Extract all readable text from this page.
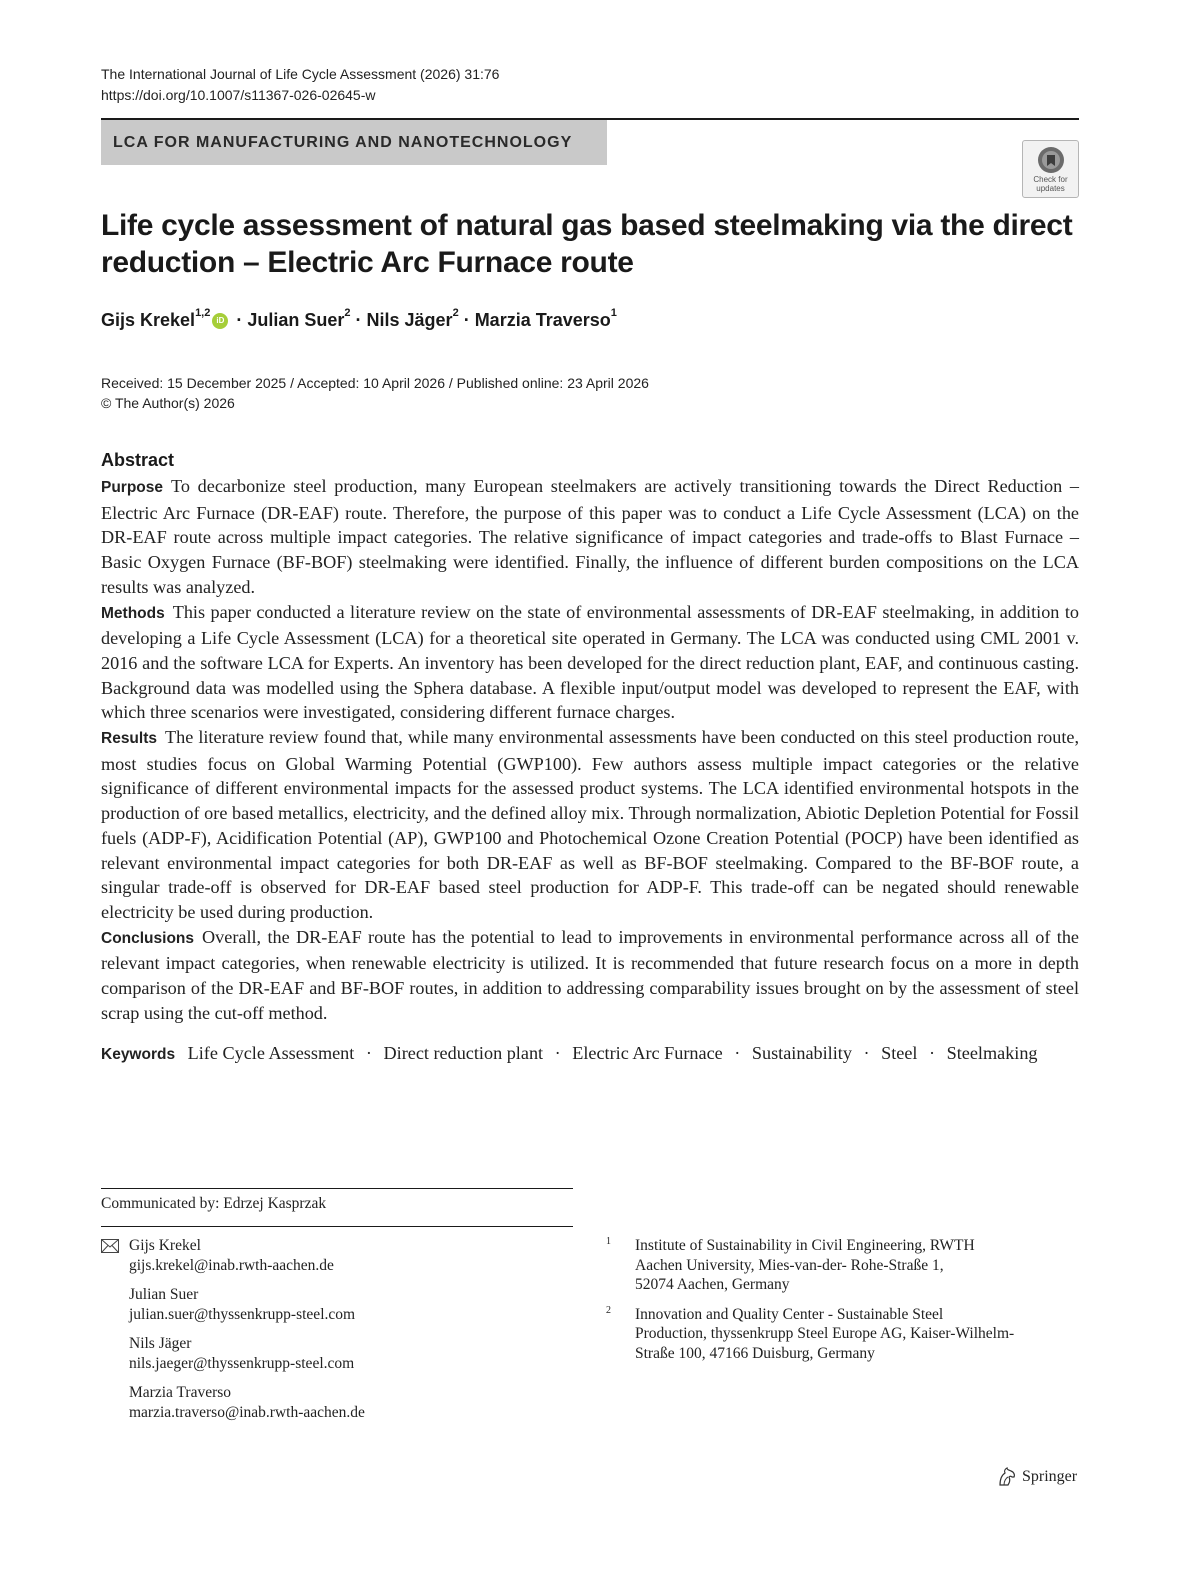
The International Journal of Life Cycle Assessment (2026) 31:76
https://doi.org/10.1007/s11367-026-02645-w
LCA FOR MANUFACTURING AND NANOTECHNOLOGY
Check for
updates
Life cycle assessment of natural gas based steelmaking via the direct
reduction – Electric Arc Furnace route
Gijs Krekel$^{1,2}$
iD · Julian Suer$^2$ · Nils Jäger$^2$ · Marzia Traverso$^1$
Received: 15 December 2025 / Accepted: 10 April 2026 / Published online: 23 April 2026
© The Author(s) 2026
Abstract

Purpose To decarbonize steel production, many European steelmakers are actively transitioning towards the Direct Reduction – Electric Arc Furnace (DR-EAF) route. Therefore, the purpose of this paper was to conduct a Life Cycle Assessment (LCA) on the DR-EAF route across multiple impact categories. The relative significance of impact categories and trade-offs to Blast Furnace – Basic Oxygen Furnace (BF-BOF) steelmaking were identified. Finally, the influence of different burden compositions on the LCA results was analyzed.

Methods This paper conducted a literature review on the state of environmental assessments of DR-EAF steelmaking, in addition to developing a Life Cycle Assessment (LCA) for a theoretical site operated in Germany. The LCA was conducted using CML 2001 v. 2016 and the software LCA for Experts. An inventory has been developed for the direct reduction plant, EAF, and continuous casting. Background data was modelled using the Sphera database. A flexible input/output model was developed to represent the EAF, with which three scenarios were investigated, considering different furnace charges.

Results The literature review found that, while many environmental assessments have been conducted on this steel production route, most studies focus on Global Warming Potential (GWP100). Few authors assess multiple impact categories or the relative significance of different environmental impacts for the assessed product systems. The LCA identified environmental hotspots in the production of ore based metallics, electricity, and the defined alloy mix. Through normalization, Abiotic Depletion Potential for Fossil fuels (ADP-F), Acidification Potential (AP), GWP100 and Photochemical Ozone Creation Potential (POCP) have been identified as relevant environmental impact categories for both DR-EAF as well as BF-BOF steelmaking. Compared to the BF-BOF route, a singular trade-off is observed for DR-EAF based steel production for ADP-F. This trade-off can be negated should renewable electricity be used during production.

Conclusions Overall, the DR-EAF route has the potential to lead to improvements in environmental performance across all of the relevant impact categories, when renewable electricity is utilized. It is recommended that future research focus on a more in depth comparison of the DR-EAF and BF-BOF routes, in addition to addressing comparability issues brought on by the assessment of steel scrap using the cut-off method.

Keywords Life Cycle Assessment · Direct reduction plant · Electric Arc Furnace · Sustainability · Steel · Steelmaking
Communicated by: Edrzej Kasprzak
Gijs Krekel
gijs.krekel@inab.rwth-aachen.de
Julian Suer
julian.suer@thyssenkrupp-steel.com
Nils Jäger
nils.jaeger@thyssenkrupp-steel.com
Marzia Traverso
marzia.traverso@inab.rwth-aachen.de
1 Institute of Sustainability in Civil Engineering, RWTH
Aachen University, Mies-van-der- Rohe-Straße 1,
52074 Aachen, Germany
2 Innovation and Quality Center - Sustainable Steel
Production, thyssenkrupp Steel Europe AG, Kaiser-Wilhelm-
Straße 100, 47166 Duisburg, Germany
Springer
